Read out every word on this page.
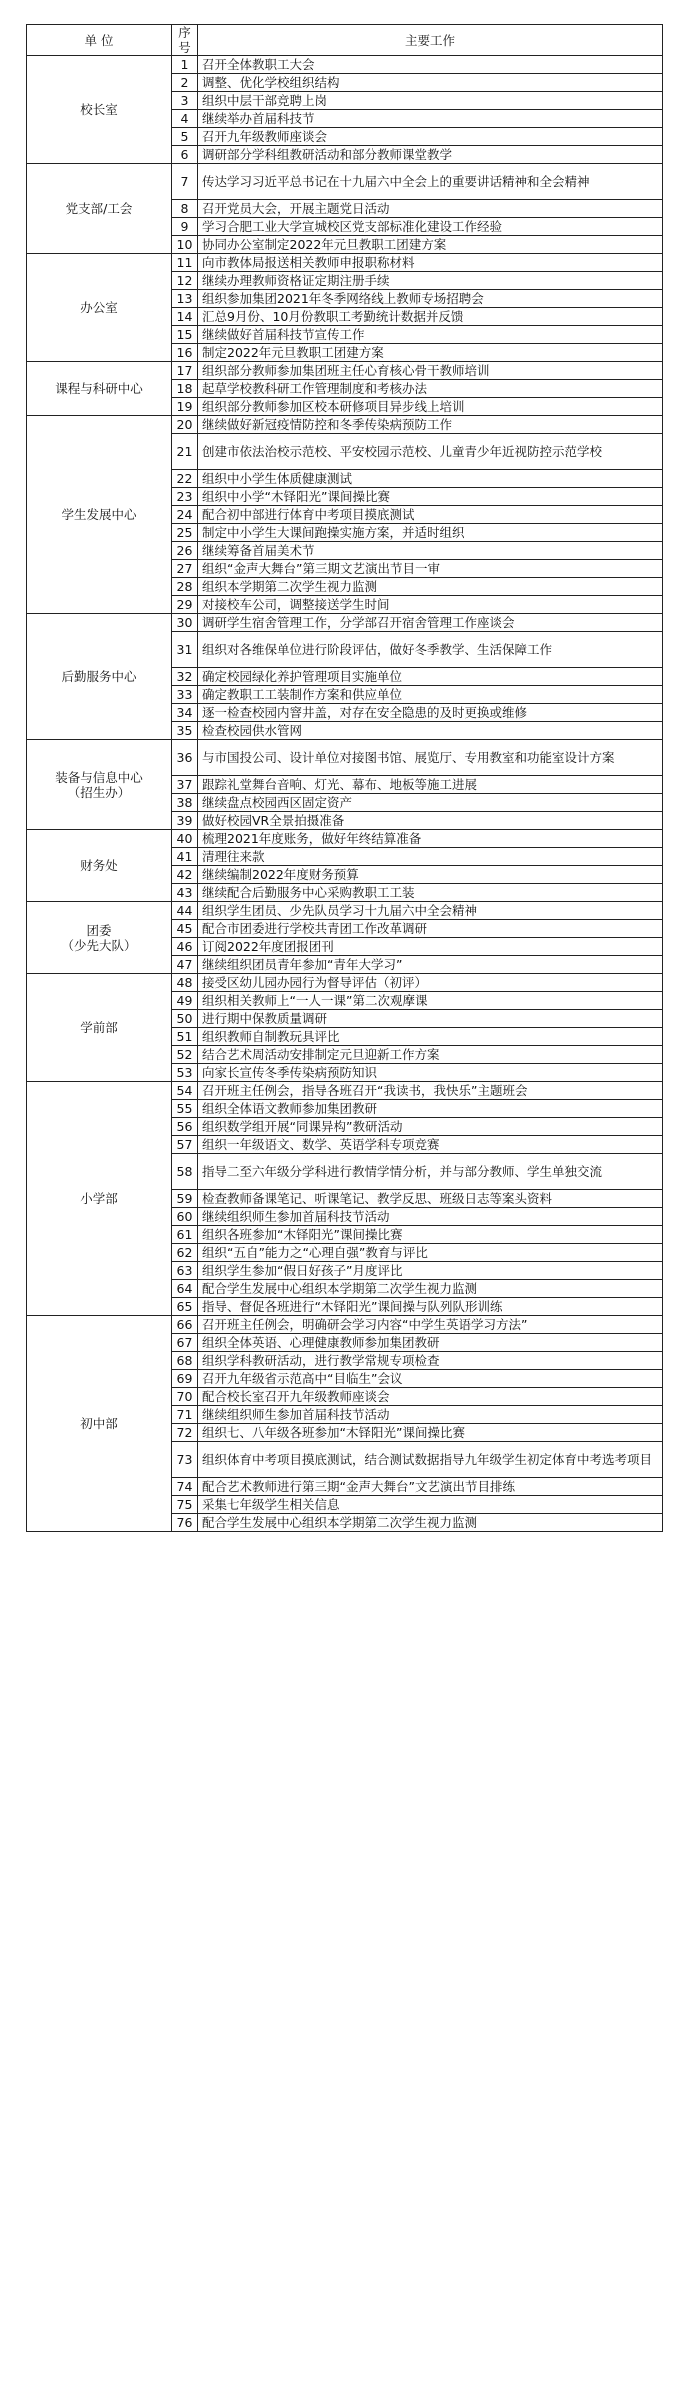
单 位	序号	主要工作
校长室	1	召开全体教职工大会
	2	调整、优化学校组织结构
	3	组织中层干部竞聘上岗
	4	继续举办首届科技节
	5	召开九年级教师座谈会
	6	调研部分学科组教研活动和部分教师课堂教学
党支部/工会	7	传达学习习近平总书记在十九届六中全会上的重要讲话精神和全会精神
	8	召开党员大会，开展主题党日活动
	9	学习合肥工业大学宣城校区党支部标准化建设工作经验
	10	协同办公室制定2022年元旦教职工团建方案
办公室	11	向市教体局报送相关教师申报职称材料
	12	继续办理教师资格证定期注册手续
	13	组织参加集团2021年冬季网络线上教师专场招聘会
	14	汇总9月份、10月份教职工考勤统计数据并反馈
	15	继续做好首届科技节宣传工作
	16	制定2022年元旦教职工团建方案
课程与科研中心	17	组织部分教师参加集团班主任心育核心骨干教师培训
	18	起草学校教科研工作管理制度和考核办法
	19	组织部分教师参加区校本研修项目异步线上培训
学生发展中心	20	继续做好新冠疫情防控和冬季传染病预防工作
	21	创建市依法治校示范校、平安校园示范校、儿童青少年近视防控示范学校
	22	组织中小学生体质健康测试
	23	组织中小学“木铎阳光”课间操比赛
	24	配合初中部进行体育中考项目摸底测试
	25	制定中小学生大课间跑操实施方案，并适时组织
	26	继续筹备首届美术节
	27	组织“金声大舞台”第三期文艺演出节目一审
	28	组织本学期第二次学生视力监测
	29	对接校车公司，调整接送学生时间
后勤服务中心	30	调研学生宿舍管理工作，分学部召开宿舍管理工作座谈会
	31	组织对各维保单位进行阶段评估，做好冬季教学、生活保障工作
	32	确定校园绿化养护管理项目实施单位
	33	确定教职工工装制作方案和供应单位
	34	逐一检查校园内窨井盖，对存在安全隐患的及时更换或维修
	35	检查校园供水管网
装备与信息中心
（招生办）	36	与市国投公司、设计单位对接图书馆、展览厅、专用教室和功能室设计方案
	37	跟踪礼堂舞台音响、灯光、幕布、地板等施工进展
	38	继续盘点校园西区固定资产
	39	做好校园VR全景拍摄准备
财务处	40	梳理2021年度账务，做好年终结算准备
	41	清理往来款
	42	继续编制2022年度财务预算
	43	继续配合后勤服务中心采购教职工工装
团委
（少先大队）	44	组织学生团员、少先队员学习十九届六中全会精神
	45	配合市团委进行学校共青团工作改革调研
	46	订阅2022年度团报团刊
	47	继续组织团员青年参加“青年大学习”
学前部	48	接受区幼儿园办园行为督导评估（初评）
	49	组织相关教师上“一人一课”第二次观摩课
	50	进行期中保教质量调研
	51	组织教师自制教玩具评比
	52	结合艺术周活动安排制定元旦迎新工作方案
	53	向家长宣传冬季传染病预防知识
小学部	54	召开班主任例会，指导各班召开“我读书，我快乐”主题班会
	55	组织全体语文教师参加集团教研
	56	组织数学组开展“同课异构”教研活动
	57	组织一年级语文、数学、英语学科专项竞赛
	58	指导二至六年级分学科进行教情学情分析，并与部分教师、学生单独交流
	59	检查教师备课笔记、听课笔记、教学反思、班级日志等案头资料
	60	继续组织师生参加首届科技节活动
	61	组织各班参加“木铎阳光”课间操比赛
	62	组织“五自”能力之“心理自强”教育与评比
	63	组织学生参加“假日好孩子”月度评比
	64	配合学生发展中心组织本学期第二次学生视力监测
	65	指导、督促各班进行“木铎阳光”课间操与队列队形训练
初中部	66	召开班主任例会，明确研会学习内容“中学生英语学习方法”
	67	组织全体英语、心理健康教师参加集团教研
	68	组织学科教研活动，进行教学常规专项检查
	69	召开九年级省示范高中“目临生”会议
	70	配合校长室召开九年级教师座谈会
	71	继续组织师生参加首届科技节活动
	72	组织七、八年级各班参加“木铎阳光”课间操比赛
	73	组织体育中考项目摸底测试，结合测试数据指导九年级学生初定体育中考选考项目
	74	配合艺术教师进行第三期“金声大舞台”文艺演出节目排练
	75	采集七年级学生相关信息
	76	配合学生发展中心组织本学期第二次学生视力监测
